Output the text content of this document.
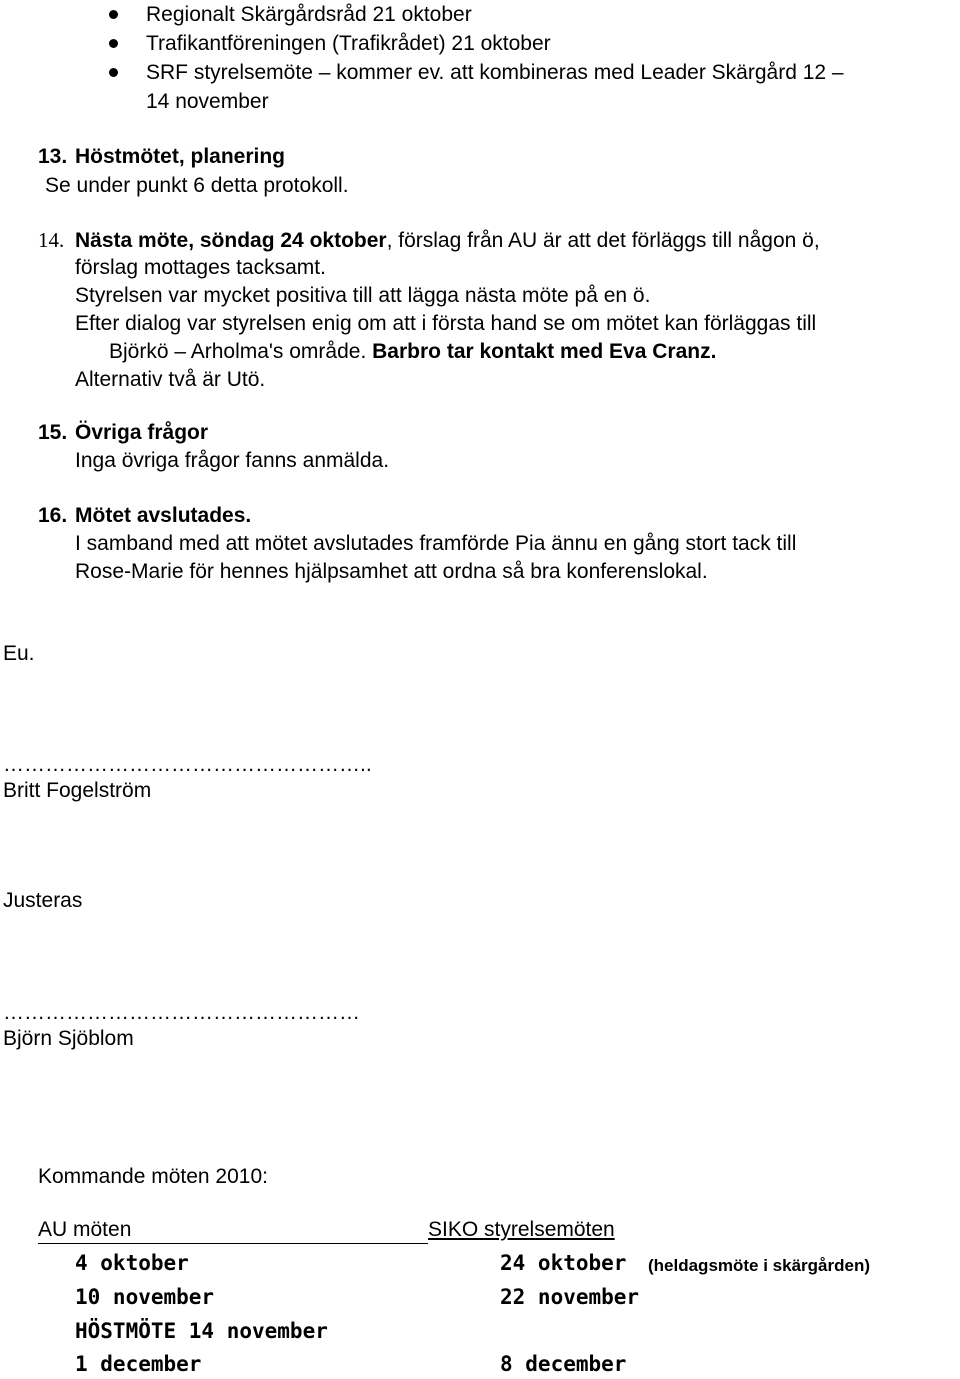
Regionalt Skärgårdsråd 21 oktober
Trafikantföreningen (Trafikrådet) 21 oktober
SRF styrelsemöte – kommer ev. att kombineras med Leader Skärgård 12 –
14 november
13. Höstmötet, planering
Se under punkt 6 detta protokoll.
14. Nästa möte, söndag 24 oktober, förslag från AU är att det förläggs till någon ö,
förslag mottages tacksamt.
Styrelsen var mycket positiva till att lägga nästa möte på en ö.
Efter dialog var styrelsen enig om att i första hand se om mötet kan förläggas till
Björkö – Arholma's område. Barbro tar kontakt med Eva Cranz.
Alternativ två är Utö.
15. Övriga frågor
Inga övriga frågor fanns anmälda.
16. Mötet avslutades.
I samband med att mötet avslutades framförde Pia ännu en gång stort tack till
Rose-Marie för hennes hjälpsamhet att ordna så bra konferenslokal.
Eu.
……………………………………………..
Britt Fogelström
Justeras
……………………………………………
Björn Sjöblom
Kommande möten 2010:
AU möten	SIKO styrelsemöten
4 oktober	24 oktober (heldagsmöte i skärgården)
10 november	22 november
HÖSTMÖTE 14 november
1 december	8 december
